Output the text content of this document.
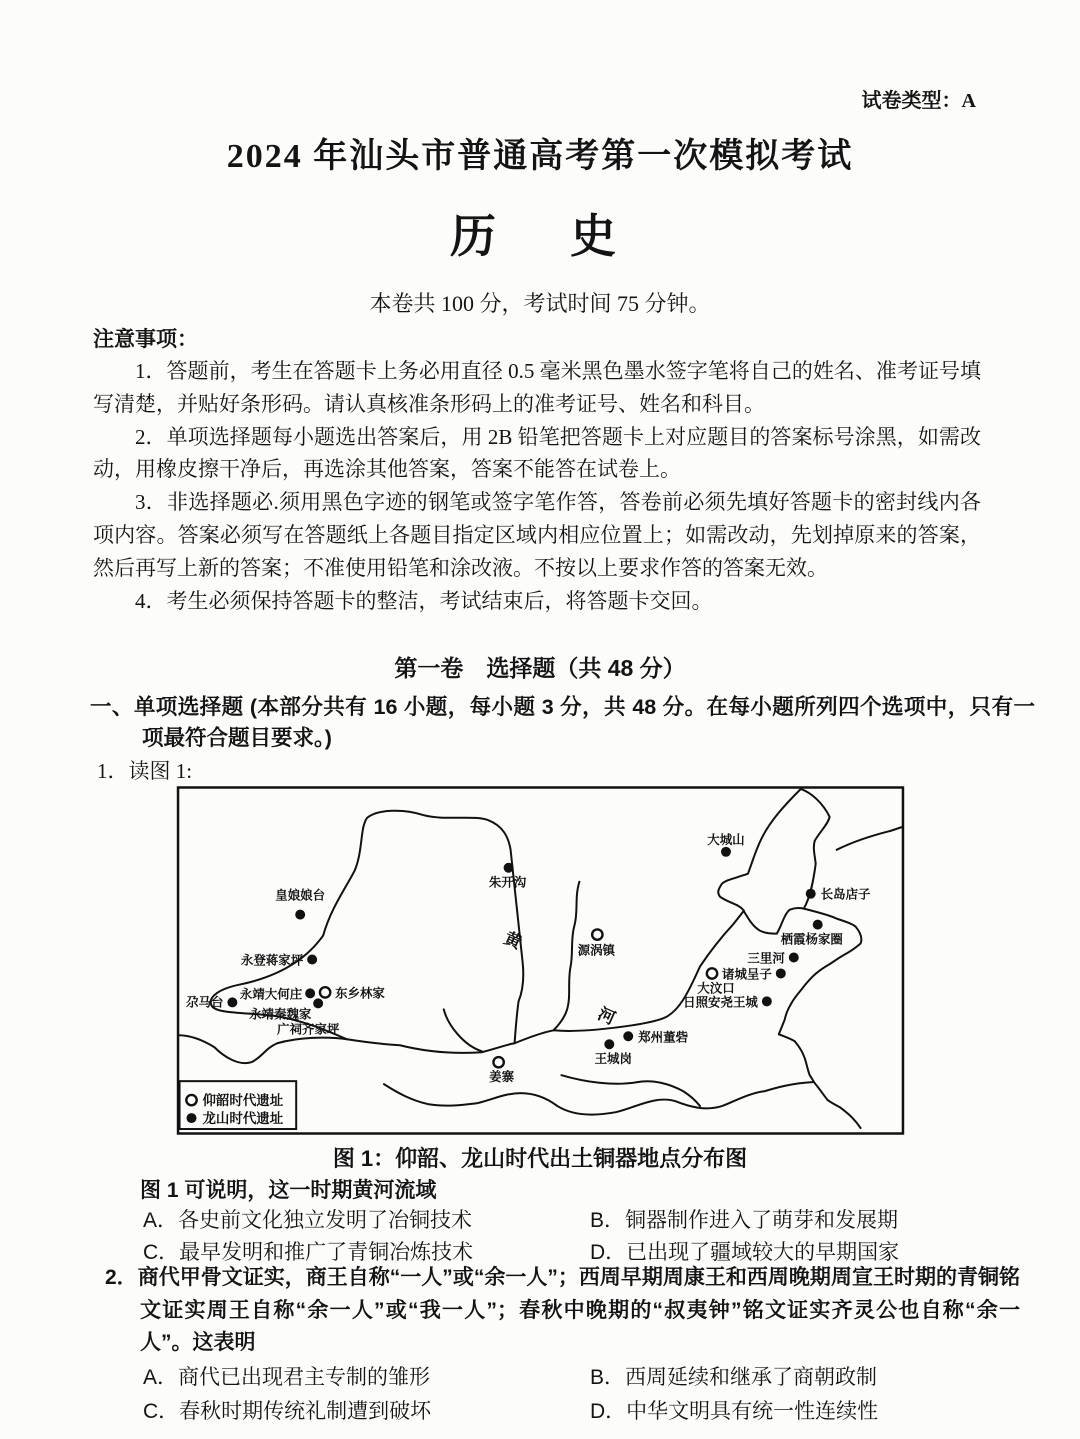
试卷类型：A
2024 年汕头市普通高考第一次模拟考试
历　史
本卷共 100 分，考试时间 75 分钟。
注意事项：

1．答题前，考生在答题卡上务必用直径 0.5 毫米黑色墨水签字笔将自己的姓名、准考证号填写清楚，并贴好条形码。请认真核准条形码上的准考证号、姓名和科目。

2．单项选择题每小题选出答案后，用 2B 铅笔把答题卡上对应题目的答案标号涂黑，如需改动，用橡皮擦干净后，再选涂其他答案，答案不能答在试卷上。

3．非选择题必.须用黑色字迹的钢笔或签字笔作答，答卷前必须先填好答题卡的密封线内各项内容。答案必须写在答题纸上各题目指定区域内相应位置上；如需改动，先划掉原来的答案，然后再写上新的答案；不准使用铅笔和涂改液。不按以上要求作答的答案无效。

4．考生必须保持答题卡的整洁，考试结束后，将答题卡交回。

第一卷　选择题（共 48 分）

一、单项选择题 (本部分共有 16 小题，每小题 3 分，共 48 分。在每小题所列四个选项中，只有一项最符合题目要求。)

1．读图 1:
黄
河
朱开沟
皇娘娘台
永登蒋家坪
尕马台
永靖大何庄	东乡林家
永靖秦魏家
广祠齐家坪
大城山
长岛店子
栖霞杨家圈
三里河
诸城呈子
大汶口
日照安尧王城
源涡镇
郑州董砦
王城岗
姜寨
仰韶时代遗址
龙山时代遗址
图 1：仰韶、龙山时代出土铜器地点分布图
图 1 可说明，这一时期黄河流域
A．各史前文化独立发明了冶铜技术	B．铜器制作进入了萌芽和发展期
C．最早发明和推广了青铜冶炼技术	D．已出现了疆域较大的早期国家

2．商代甲骨文证实，商王自称“一人”或“余一人”；西周早期周康王和西周晚期周宣王时期的青铜铭文证实周王自称“余一人”或“我一人”；春秋中晚期的“叔夷钟”铭文证实齐灵公也自称“余一人”。这表明

A．商代已出现君主专制的雏形	B．西周延续和继承了商朝政制
C．春秋时期传统礼制遭到破坏	D．中华文明具有统一性连续性
